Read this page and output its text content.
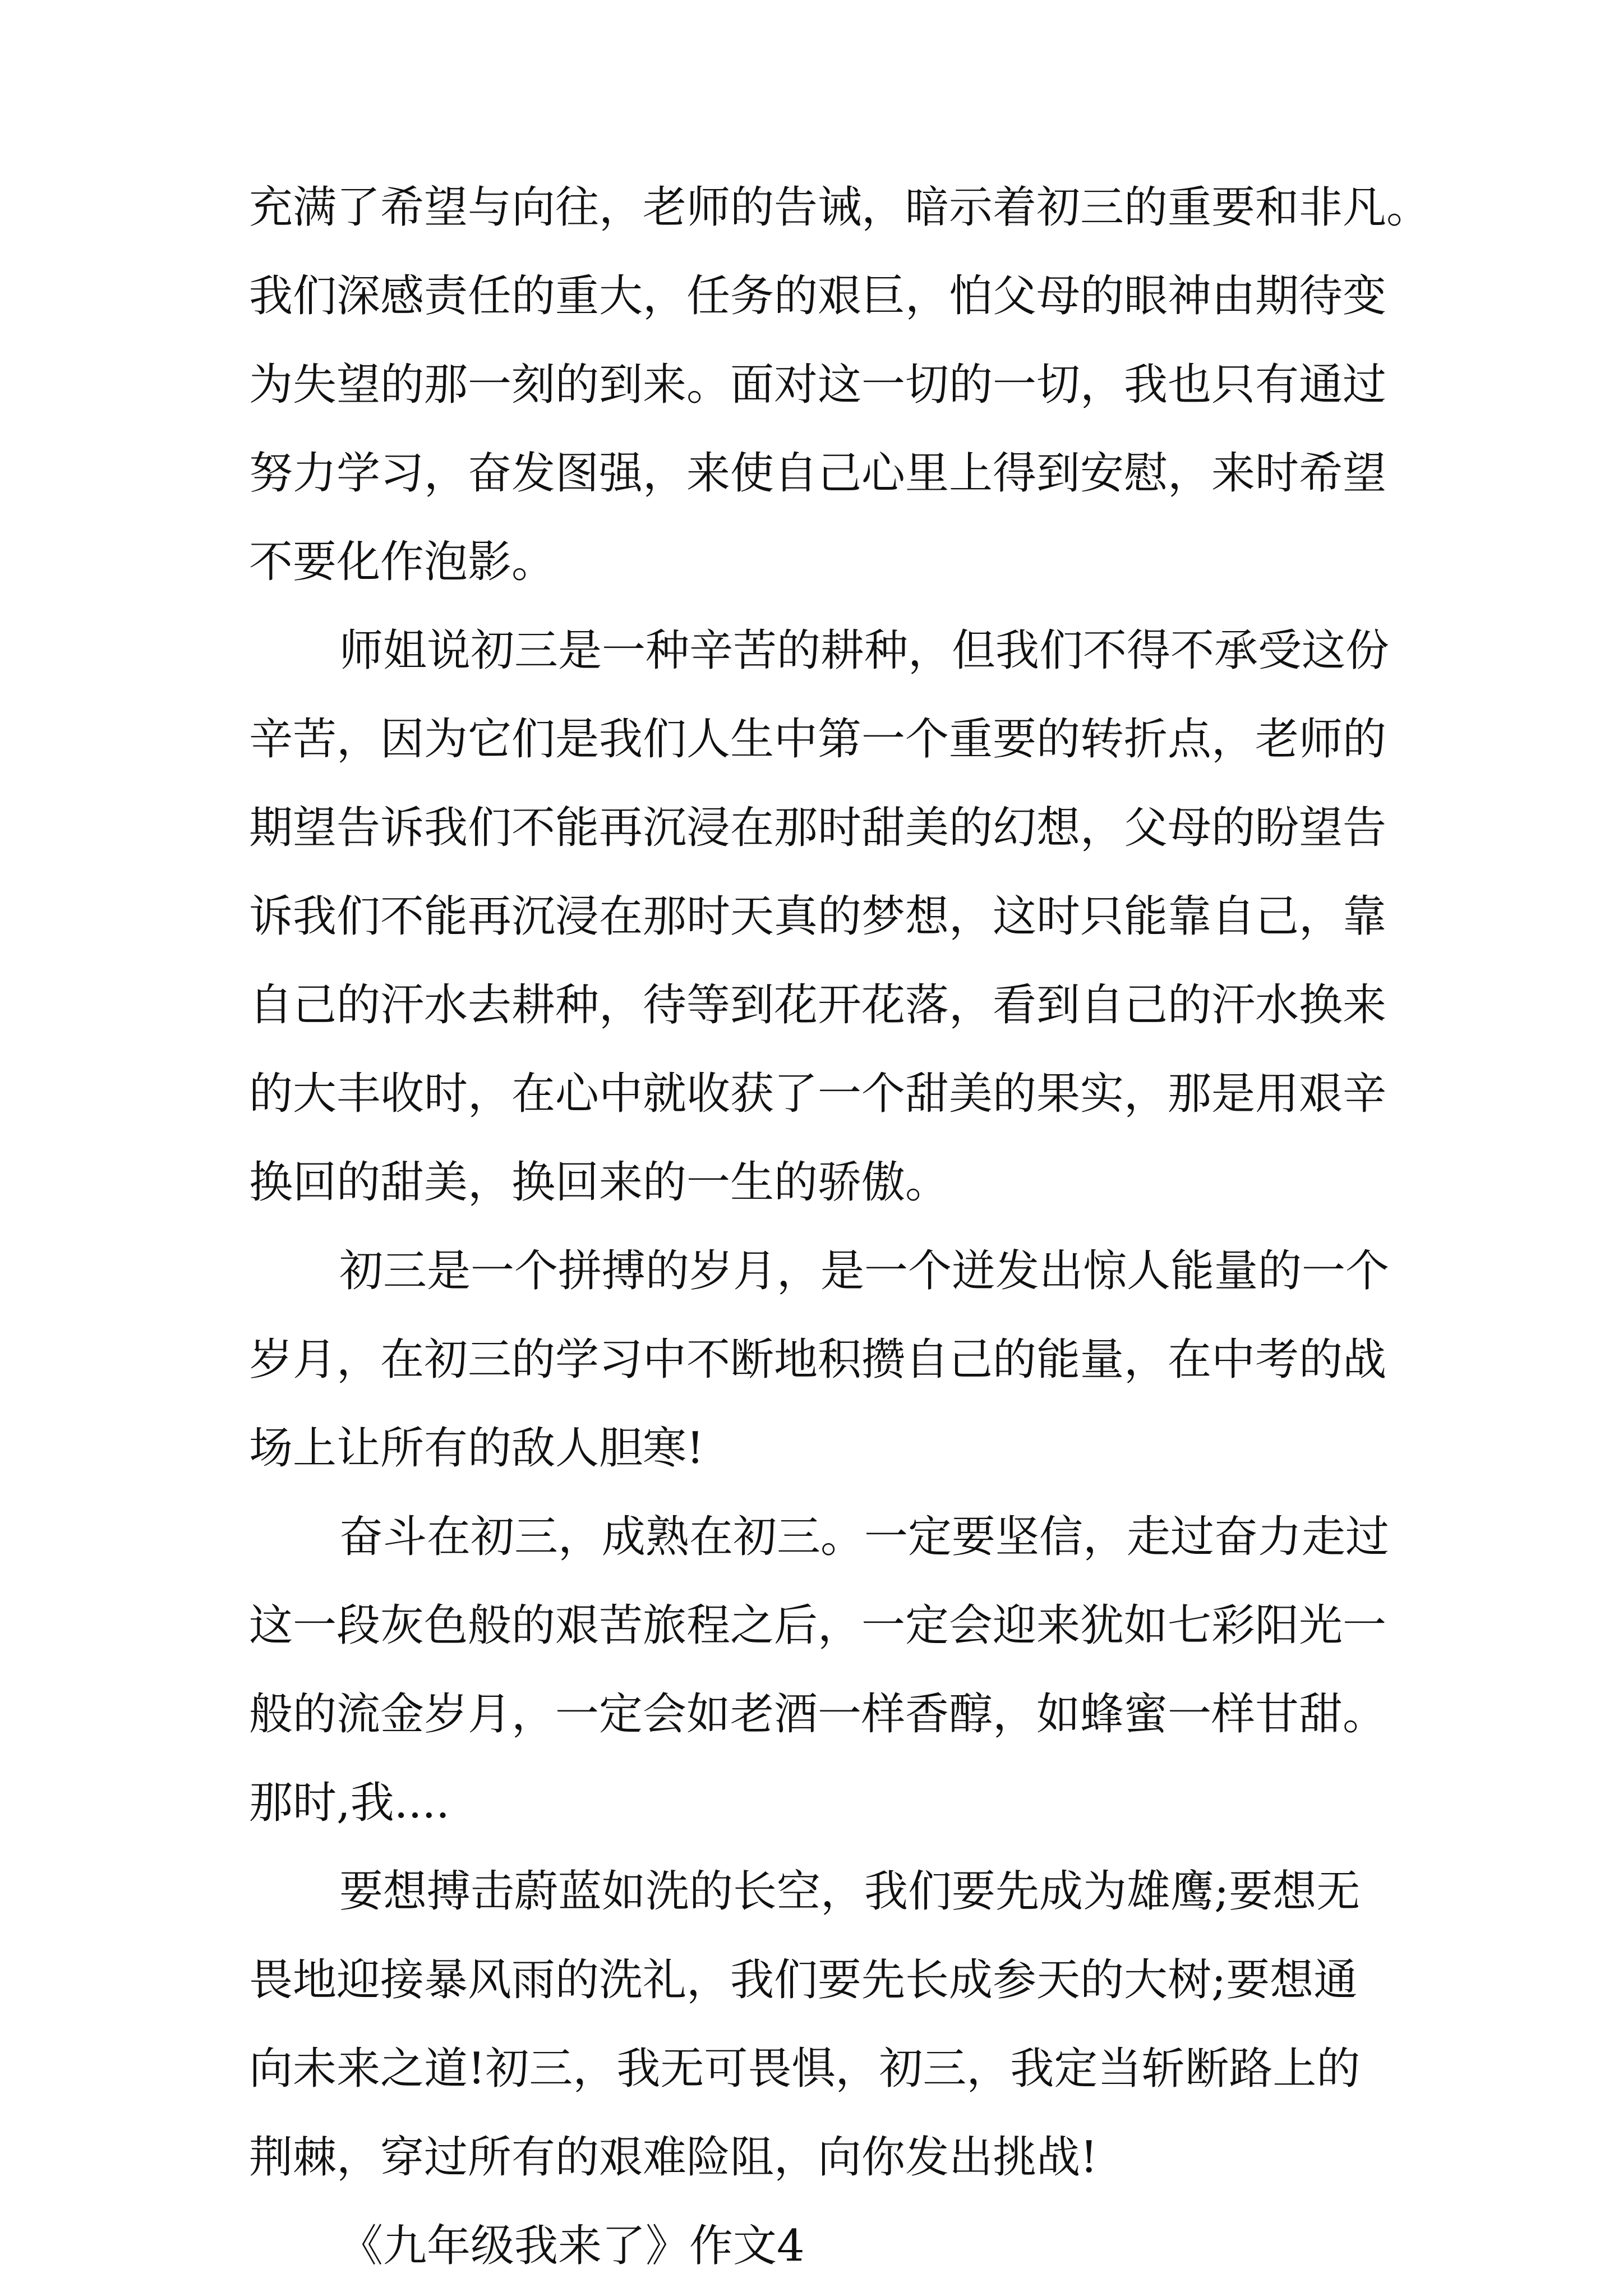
充满了希望与向往，老师的告诫，暗示着初三的重要和非凡。
我们深感责任的重大，任务的艰巨，怕父母的眼神由期待变
为失望的那一刻的到来。面对这一切的一切，我也只有通过
努力学习，奋发图强，来使自己心里上得到安慰，来时希望
不要化作泡影。
师姐说初三是一种辛苦的耕种，但我们不得不承受这份
辛苦，因为它们是我们人生中第一个重要的转折点，老师的
期望告诉我们不能再沉浸在那时甜美的幻想，父母的盼望告
诉我们不能再沉浸在那时天真的梦想，这时只能靠自己，靠
自己的汗水去耕种，待等到花开花落，看到自己的汗水换来
的大丰收时，在心中就收获了一个甜美的果实，那是用艰辛
换回的甜美，换回来的一生的骄傲。
初三是一个拼搏的岁月，是一个迸发出惊人能量的一个
岁月，在初三的学习中不断地积攒自己的能量，在中考的战
场上让所有的敌人胆寒!
奋斗在初三，成熟在初三。一定要坚信，走过奋力走过
这一段灰色般的艰苦旅程之后，一定会迎来犹如七彩阳光一
般的流金岁月，一定会如老酒一样香醇，如蜂蜜一样甘甜。
那时,我....
要想搏击蔚蓝如洗的长空，我们要先成为雄鹰;要想无
畏地迎接暴风雨的洗礼，我们要先长成参天的大树;要想通
向未来之道!初三，我无可畏惧，初三，我定当斩断路上的
荆棘，穿过所有的艰难险阻，向你发出挑战!
《九年级我来了》作文4
